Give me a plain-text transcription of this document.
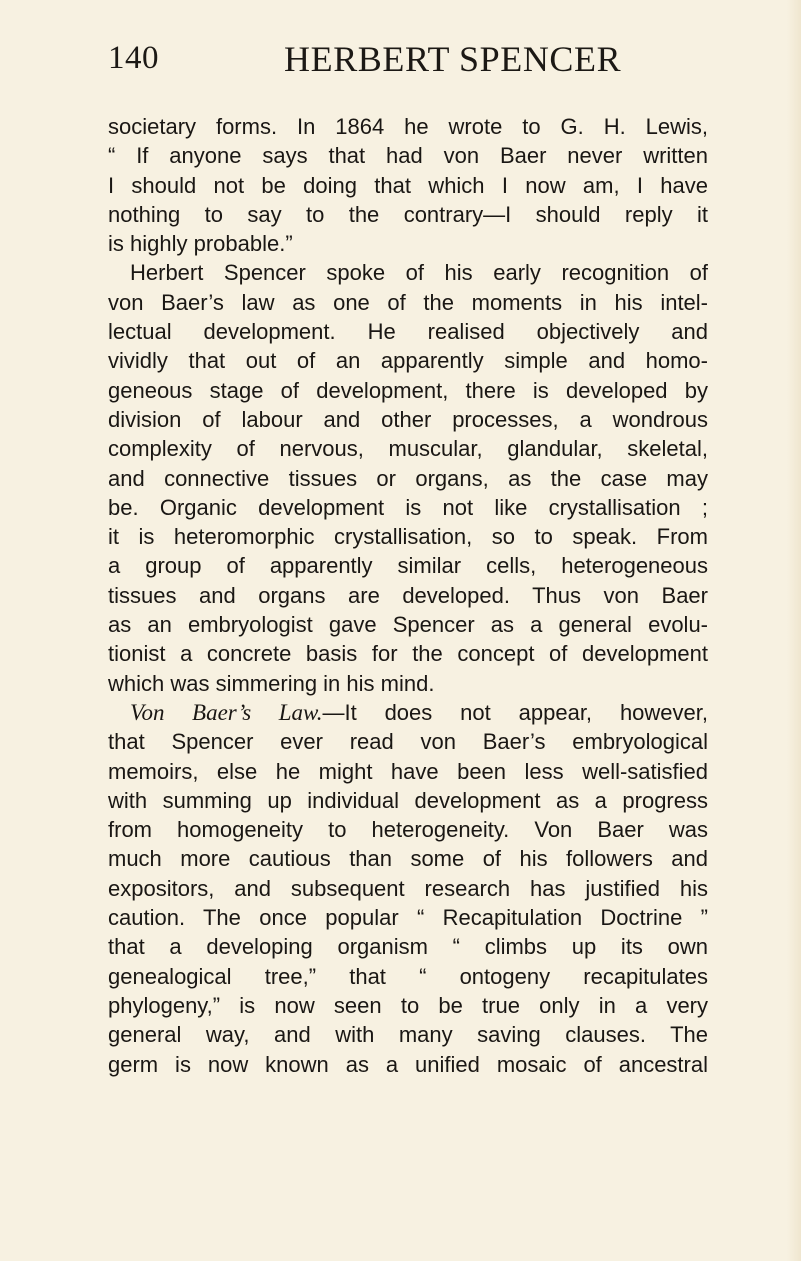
140	HERBERT SPENCER
societary forms. In 1864 he wrote to G. H. Lewis,
“ If anyone says that had von Baer never written
I should not be doing that which I now am, I have
nothing to say to the contrary—I should reply it
is highly probable.”
Herbert Spencer spoke of his early recognition of
von Baer’s law as one of the moments in his intel-
lectual development. He realised objectively and
vividly that out of an apparently simple and homo-
geneous stage of development, there is developed by
division of labour and other processes, a wondrous
complexity of nervous, muscular, glandular, skeletal,
and connective tissues or organs, as the case may
be. Organic development is not like crystallisation ;
it is heteromorphic crystallisation, so to speak. From
a group of apparently similar cells, heterogeneous
tissues and organs are developed. Thus von Baer
as an embryologist gave Spencer as a general evolu-
tionist a concrete basis for the concept of development
which was simmering in his mind.
Von Baer’s Law.—It does not appear, however,
that Spencer ever read von Baer’s embryological
memoirs, else he might have been less well-satisfied
with summing up individual development as a progress
from homogeneity to heterogeneity. Von Baer was
much more cautious than some of his followers and
expositors, and subsequent research has justified his
caution. The once popular “ Recapitulation Doctrine ”
that a developing organism “ climbs up its own
genealogical tree,” that “ ontogeny recapitulates
phylogeny,” is now seen to be true only in a very
general way, and with many saving clauses. The
germ is now known as a unified mosaic of ancestral
